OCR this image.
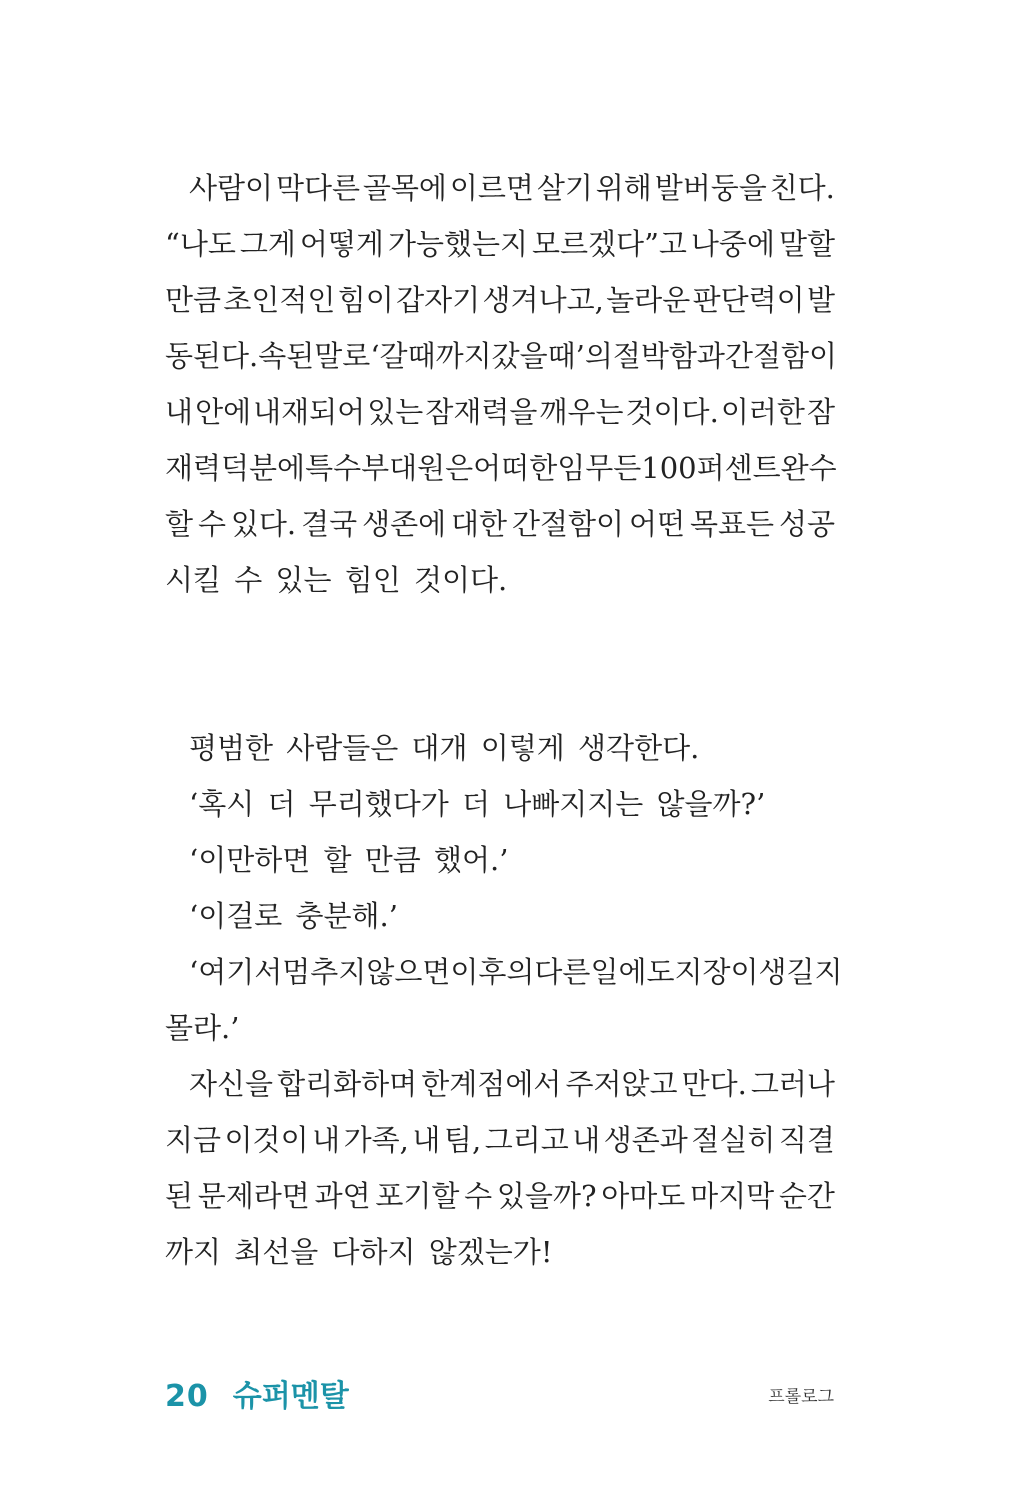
사람이 막다른 골목에 이르면 살기 위해 발버둥을 친다.
“나도 그게 어떻게 가능했는지 모르겠다”고 나중에 말할
만큼 초인적인 힘이 갑자기 생겨나고, 놀라운 판단력이 발
동된다. 속된 말로 ‘갈 때까지 갔을 때’의 절박함과 간절함이
내 안에 내재되어 있는 잠재력을 깨우는 것이다. 이러한 잠
재력 덕분에 특수부대원은 어떠한 임무든 100퍼센트 완수
할 수 있다. 결국 생존에 대한 간절함이 어떤 목표든 성공
시킬 수 있는 힘인 것이다.
평범한 사람들은 대개 이렇게 생각한다.
‘혹시 더 무리했다가 더 나빠지지는 않을까?’
‘이만하면 할 만큼 했어.’
‘이걸로 충분해.’
‘여기서 멈추지 않으면 이후의 다른 일에도 지장이 생길지
몰라.’
자신을 합리화하며 한계점에서 주저앉고 만다. 그러나
지금 이것이 내 가족, 내 팀, 그리고 내 생존과 절실히 직결
된 문제라면 과연 포기할 수 있을까? 아마도 마지막 순간
까지 최선을 다하지 않겠는가!
20 슈퍼멘탈	프롤로그
